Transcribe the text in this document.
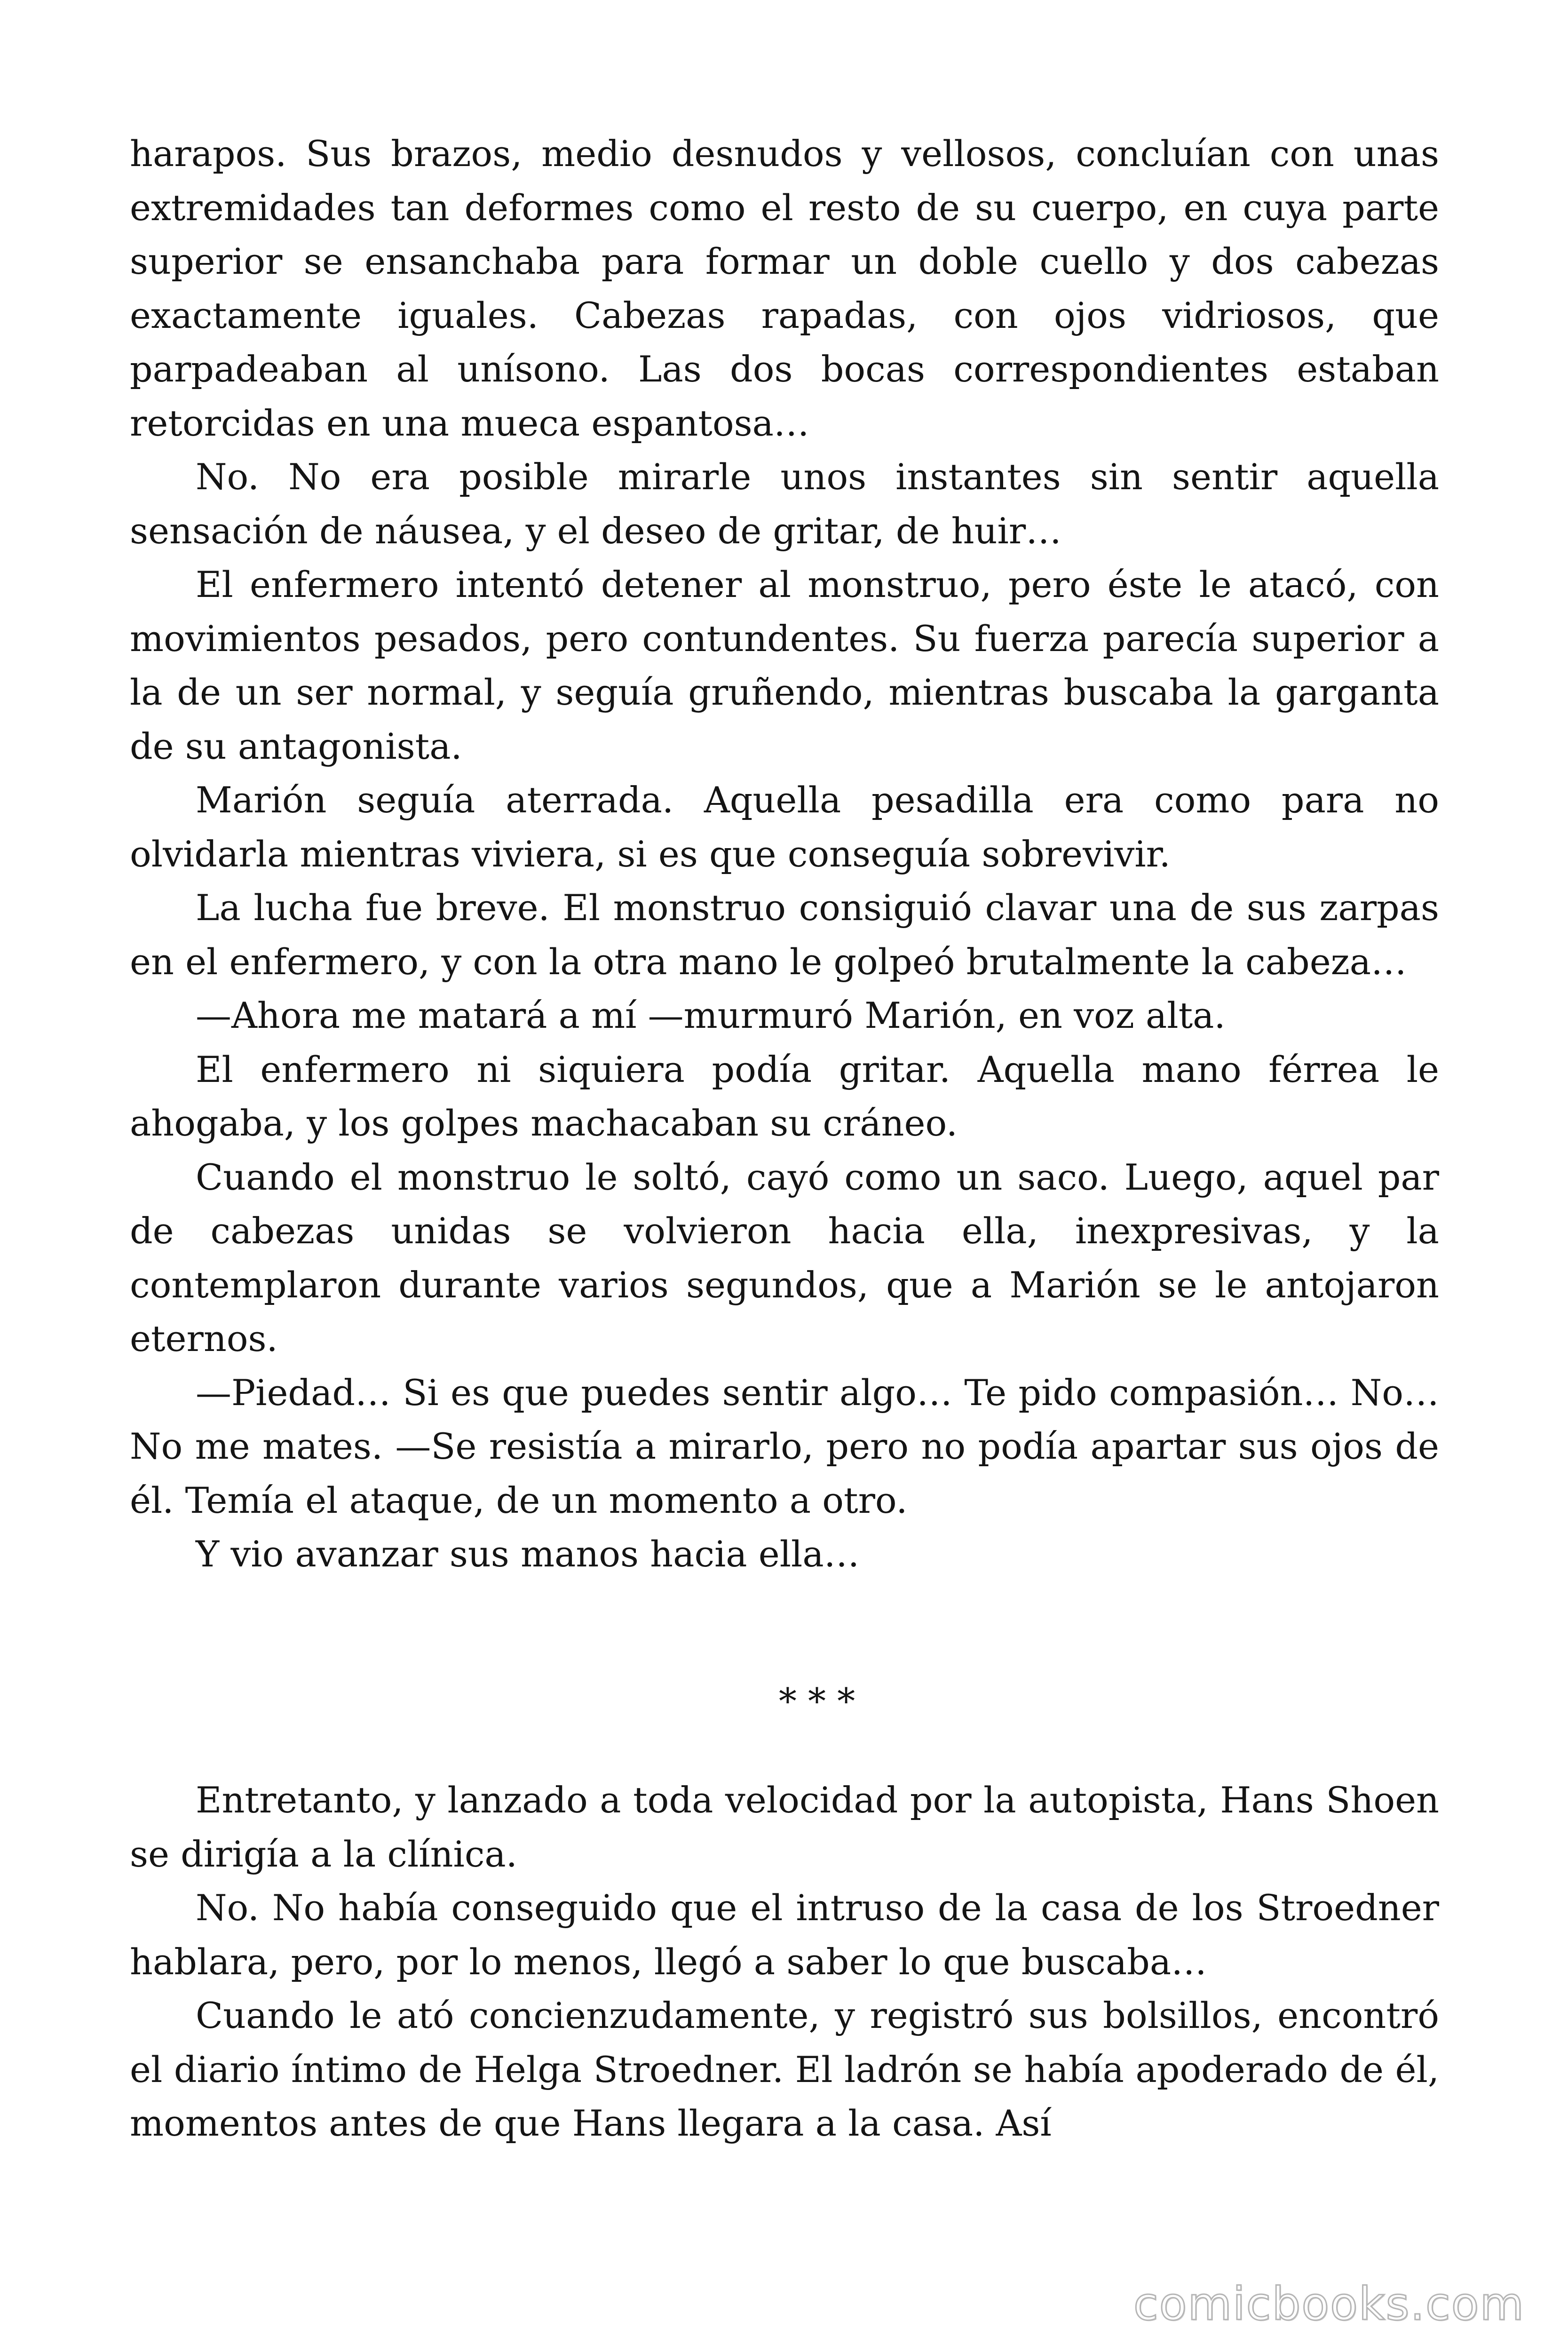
harapos. Sus brazos, medio desnudos y vellosos, concluían con unas extremidades tan deformes como el resto de su cuerpo, en cuya parte superior se ensanchaba para formar un doble cuello y dos cabezas exactamente iguales. Cabezas rapadas, con ojos vidriosos, que parpadeaban al unísono. Las dos bocas correspondientes estaban retorcidas en una mueca espantosa…

No. No era posible mirarle unos instantes sin sentir aquella sensación de náusea, y el deseo de gritar, de huir…

El enfermero intentó detener al monstruo, pero éste le atacó, con movimientos pesados, pero contundentes. Su fuerza parecía superior a la de un ser normal, y seguía gruñendo, mientras buscaba la garganta de su antagonista.

Marión seguía aterrada. Aquella pesadilla era como para no olvidarla mientras viviera, si es que conseguía sobrevivir.

La lucha fue breve. El monstruo consiguió clavar una de sus zarpas en el enfermero, y con la otra mano le golpeó brutalmente la cabeza…

—Ahora me matará a mí —murmuró Marión, en voz alta.

El enfermero ni siquiera podía gritar. Aquella mano férrea le ahogaba, y los golpes machacaban su cráneo.

Cuando el monstruo le soltó, cayó como un saco. Luego, aquel par de cabezas unidas se volvieron hacia ella, inexpresivas, y la contemplaron durante varios segundos, que a Marión se le antojaron eternos.

—Piedad… Si es que puedes sentir algo… Te pido compasión… No… No me mates. —Se resistía a mirarlo, pero no podía apartar sus ojos de él. Temía el ataque, de un momento a otro.

Y vio avanzar sus manos hacia ella…

* * *

Entretanto, y lanzado a toda velocidad por la autopista, Hans Shoen se dirigía a la clínica.

No. No había conseguido que el intruso de la casa de los Stroedner hablara, pero, por lo menos, llegó a saber lo que buscaba…

Cuando le ató concienzudamente, y registró sus bolsillos, encontró el diario íntimo de Helga Stroedner. El ladrón se había apoderado de él, momentos antes de que Hans llegara a la casa. Así

comicbooks.com
